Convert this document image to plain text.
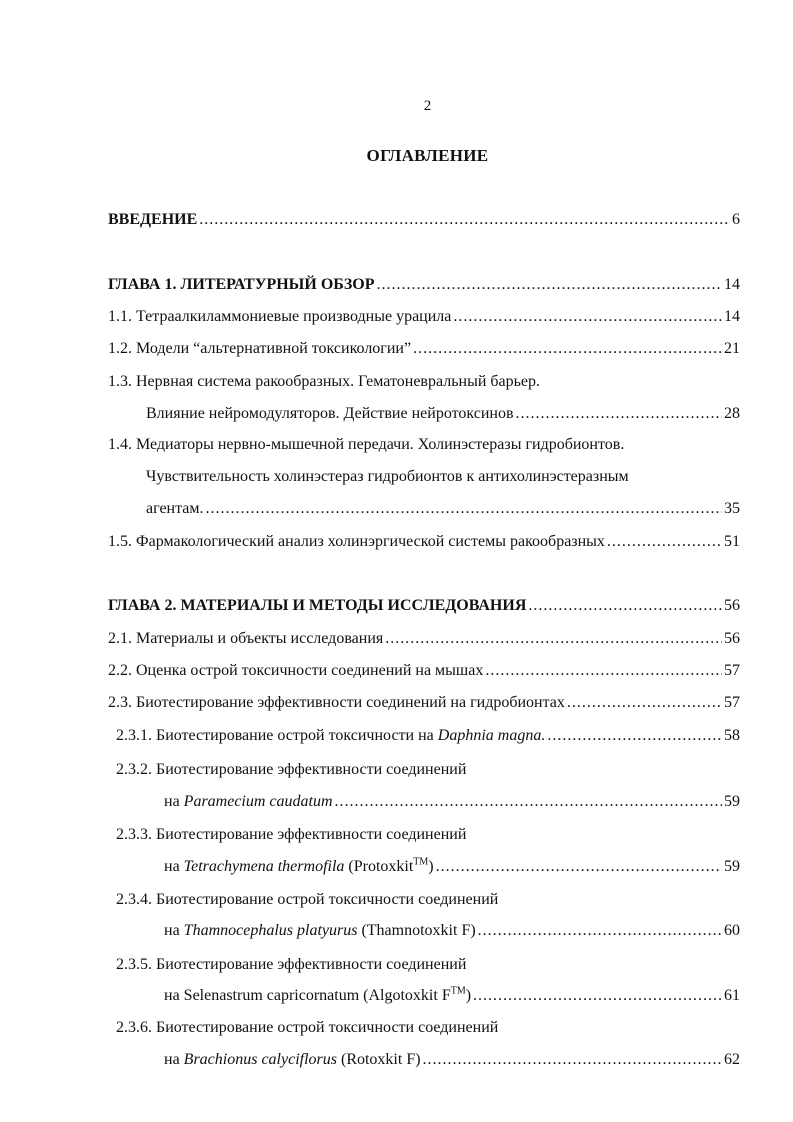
2
ОГЛАВЛЕНИЕ
ВВЕДЕНИЕ .....	6
ГЛАВА 1. ЛИТЕРАТУРНЫЙ ОБЗОР .....	14
1.1. Тетраалкиламмониевые производные урацила .....	14
1.2. Модели “альтернативной токсикологии” .....	21
1.3. Нервная система ракообразных. Гематоневральный барьер.
Влияние нейромодуляторов. Действие нейротоксинов .....	28
1.4. Медиаторы нервно-мышечной передачи. Холинэстеразы гидробионтов.
Чувствительность холинэстераз гидробионтов к антихолинэстеразным
агентам. .....	35
1.5. Фармакологический анализ холинэргической системы ракообразных .....	51
ГЛАВА 2. МАТЕРИАЛЫ И МЕТОДЫ ИССЛЕДОВАНИЯ .....	56
2.1. Материалы и объекты исследования .....	56
2.2. Оценка острой токсичности соединений на мышах .....	57
2.3. Биотестирование эффективности соединений на гидробионтах .....	57
2.3.1. Биотестирование острой токсичности на Daphnia magna. .....	58
2.3.2. Биотестирование эффективности соединений
на Paramecium caudatum .....	59
2.3.3. Биотестирование эффективности соединений
на Tetrachymena thermofila (Protoxkit™) .....	59
2.3.4. Биотестирование острой токсичности соединений
на Thamnocephalus platyurus (Thamnotoxkit F) .....	60
2.3.5. Биотестирование эффективности соединений
на Selenastrum capricornatum (Algotoxkit F™) .....	61
2.3.6. Биотестирование острой токсичности соединений
на Brachionus calyciflorus (Rotoxkit F) .....	62
